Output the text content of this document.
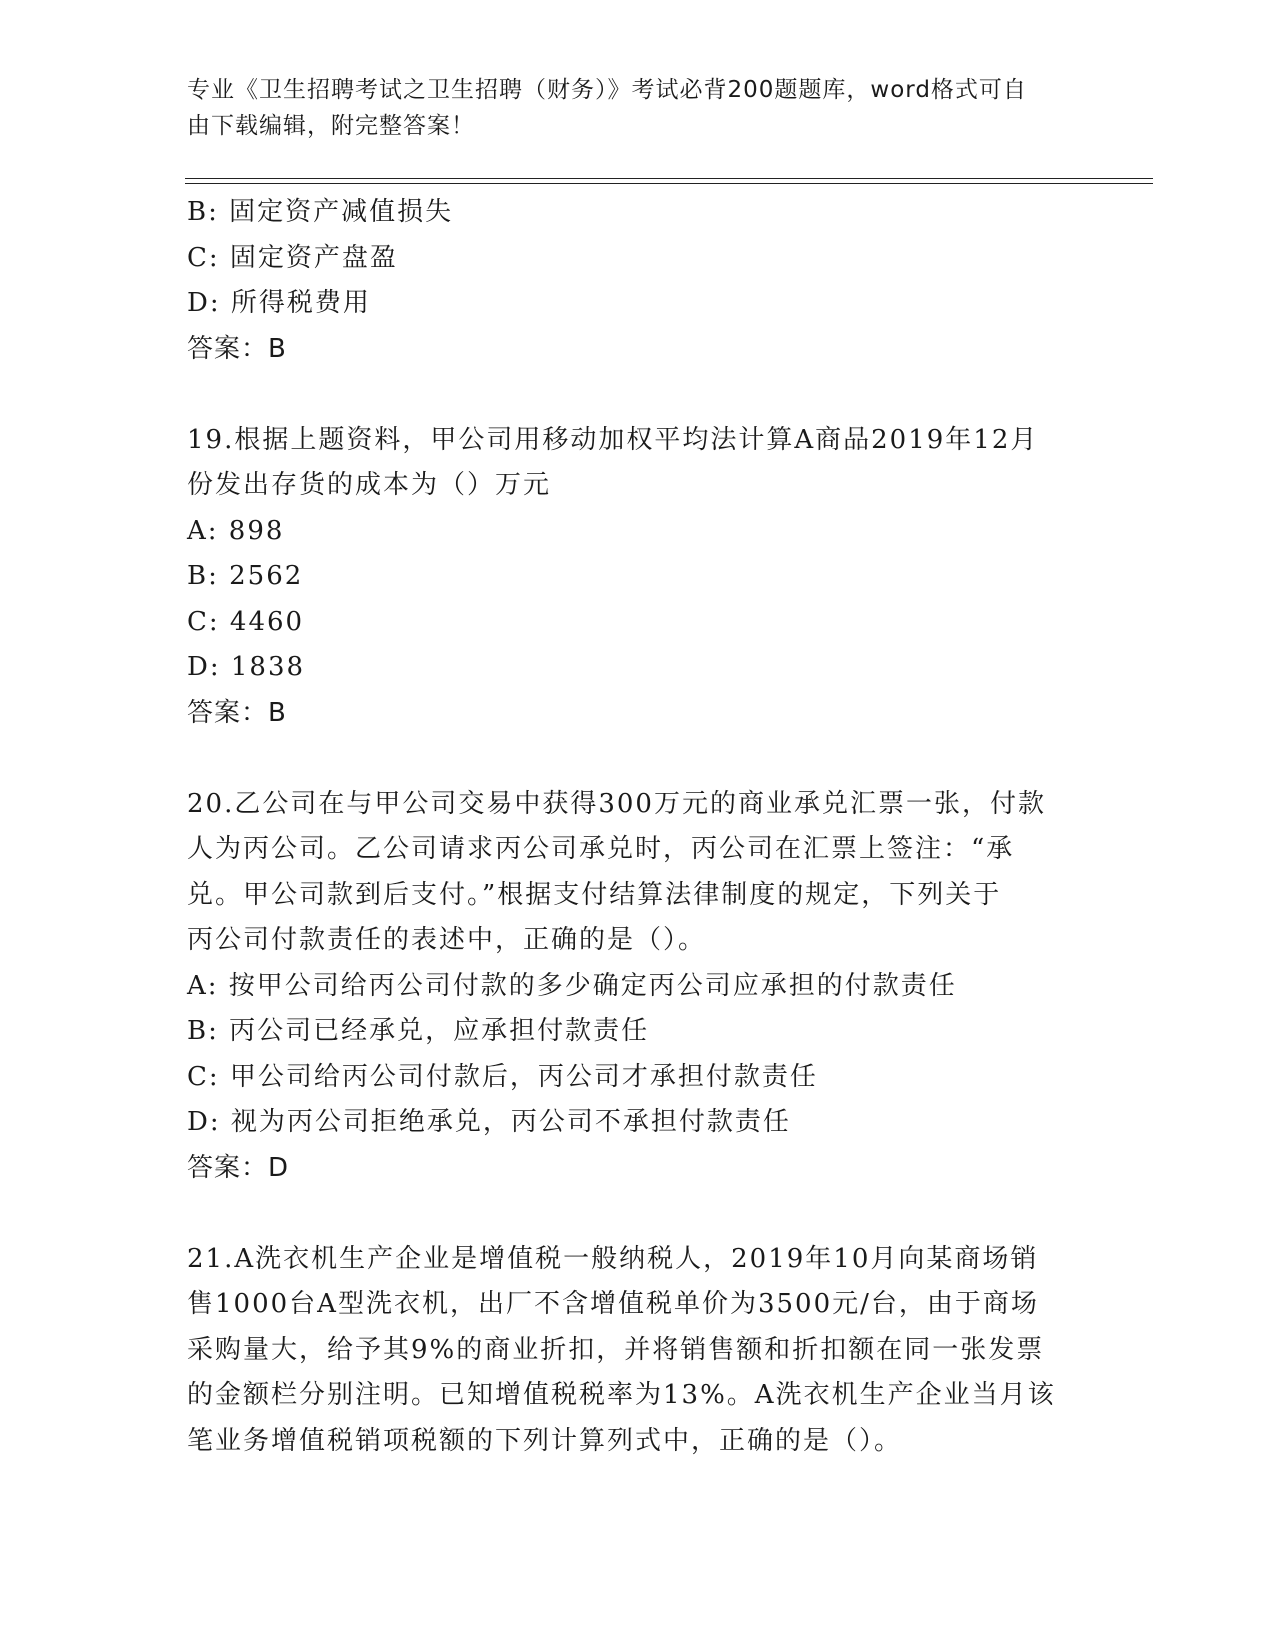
专业《卫生招聘考试之卫生招聘（财务）》考试必背200题题库，word格式可自
由下载编辑，附完整答案！
B: 固定资产减值损失
C: 固定资产盘盈
D: 所得税费用
答案：B
19.根据上题资料，甲公司用移动加权平均法计算A商品2019年12月
份发出存货的成本为（）万元
A: 898
B: 2562
C: 4460
D: 1838
答案：B
20.乙公司在与甲公司交易中获得300万元的商业承兑汇票一张，付款
人为丙公司。乙公司请求丙公司承兑时，丙公司在汇票上签注：“承
兑。甲公司款到后支付。”根据支付结算法律制度的规定，下列关于
丙公司付款责任的表述中，正确的是（）。
A: 按甲公司给丙公司付款的多少确定丙公司应承担的付款责任
B: 丙公司已经承兑，应承担付款责任
C: 甲公司给丙公司付款后，丙公司才承担付款责任
D: 视为丙公司拒绝承兑，丙公司不承担付款责任
答案：D
21.A洗衣机生产企业是增值税一般纳税人，2019年10月向某商场销
售1000台A型洗衣机，出厂不含增值税单价为3500元/台，由于商场
采购量大，给予其9%的商业折扣，并将销售额和折扣额在同一张发票
的金额栏分别注明。已知增值税税率为13%。A洗衣机生产企业当月该
笔业务增值税销项税额的下列计算列式中，正确的是（）。
